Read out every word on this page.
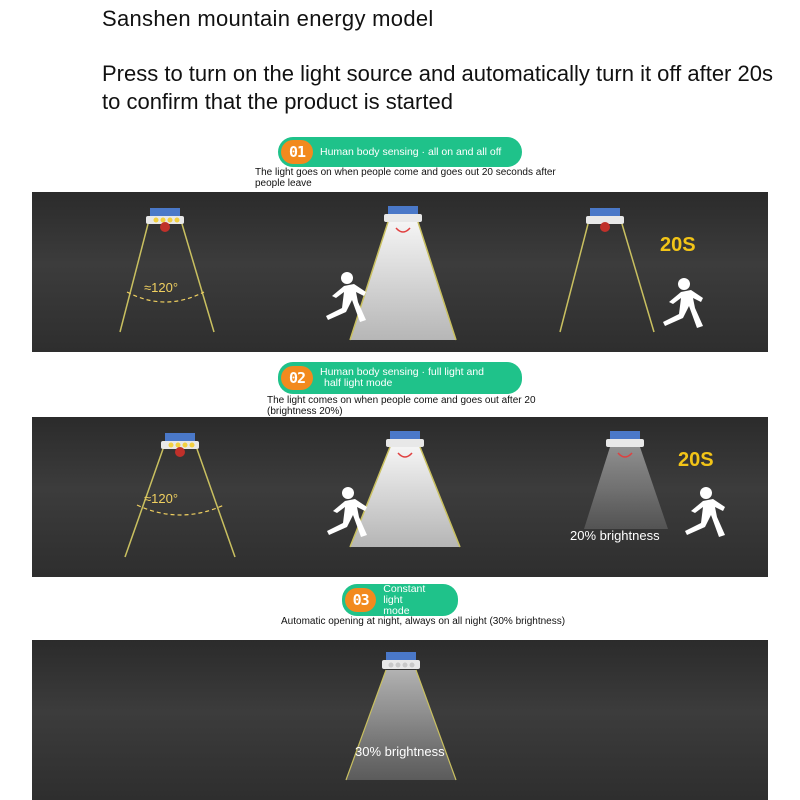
Sanshen mountain energy model

Press to turn on the light source and automatically turn it off after 20s to confirm that the product is started

01	Human body sensing · all on and all off
The light goes on when people come and goes out 20 seconds after people leave
≈120°
20S
02	Human body sensing · full light and
half light mode
The light comes on when people come and goes out after 20 (brightness 20%)
≈120°
20S
20% brightness
03
Constant light
mode
Automatic opening at night, always on all night (30% brightness)
30% brightness
